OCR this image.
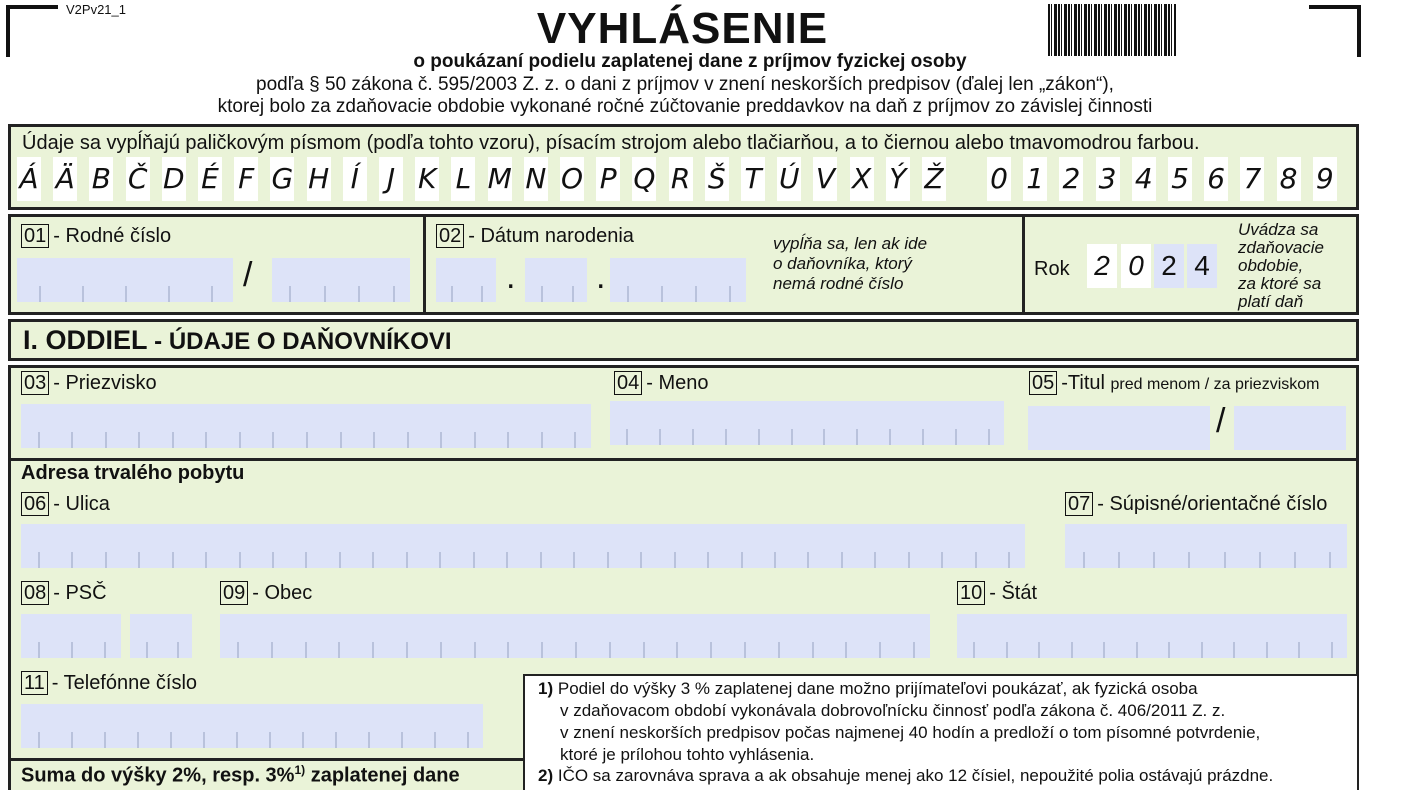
V2Pv21_1	VYHLÁSENIE
o poukázaní podielu zaplatenej dane z príjmov fyzickej osoby
podľa § 50 zákona č. 595/2003 Z. z. o dani z príjmov v znení neskorších predpisov (ďalej len „zákon“),
ktorej bolo za zdaňovacie obdobie vykonané ročné zúčtovanie preddavkov na daň z príjmov zo závislej činnosti
Údaje sa vypĺňajú paličkovým písmom (podľa tohto vzoru), písacím strojom alebo tlačiarňou, a to čiernou alebo tmavomodrou farbou.
Á Ä B Č D É F G H Í J K L M N O P Q R Š T Ú V X Ý Ž 0 1 2 3 4 5 6 7 8 9
01 - Rodné číslo
/
02 - Dátum narodenia
. .
vypĺňa sa, len ak ide
o daňovníka, ktorý
nemá rodné číslo
Rok 2 0 2 4
Uvádza sa
zdaňovacie
obdobie,
za ktoré sa
platí daň
I. ODDIEL - ÚDAJE O DAŇOVNÍKOVI
03 - Priezvisko	04 - Meno	05 -Titul pred menom / za priezviskom
/
Adresa trvalého pobytu
06 - Ulica	07 - Súpisné/orientačné číslo
08 - PSČ	09 - Obec	10 - Štát
11 - Telefónne číslo
Suma do výšky 2%, resp. 3%$^{1)}$ zaplatenej dane
1) Podiel do výšky 3 % zaplatenej dane možno prijímateľovi poukázať, ak fyzická osoba
v zdaňovacom období vykonávala dobrovoľnícku činnosť podľa zákona č. 406/2011 Z. z.
v znení neskorších predpisov počas najmenej 40 hodín a predloží o tom písomné potvrdenie,
ktoré je prílohou tohto vyhlásenia.
2) IČO sa zarovnáva sprava a ak obsahuje menej ako 12 čísiel, nepoužité polia ostávajú prázdne.
